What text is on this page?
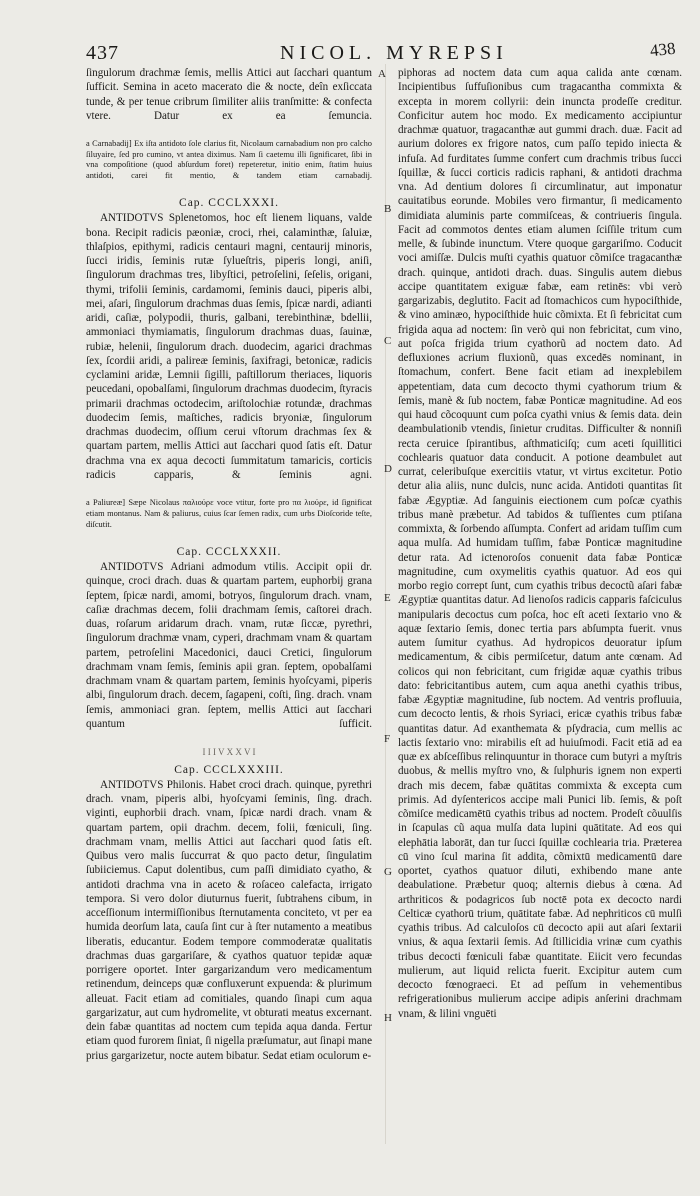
437	NICOL. MYREPSI	438
A
B
C
D
E
F
G
H

ſingulorum drachmæ ſemis, mellis Attici aut ſacchari quantum ſufficit. Semina in aceto macerato die & nocte, deîn exſiccata tunde, & per tenue cribrum ſimiliter aliis tranſmitte: & confecta vtere. Datur ex ea ſemuncia.

a Carnabadij] Ex iſta antidoto ſole clarius fit, Nicolaum carnabadium non pro calcho ſiluyaire, ſed pro cumino, vt antea diximus. Nam ſi caetemu illi ſignificaret, ſibi in vna compoſitione (quod abſurdum foret) repeteretur, initio enim, ſtatim huius antidoti, carei fit mentio, & tandem etiam carnabadij.

Cap. CCCLXXXI.

ANTIDOTVS Splenetomos, hoc eſt lienem liquans, valde bona. Recipit radicis pæoniæ, croci, rhei, calaminthæ, ſaluiæ, thlaſpios, epithymi, radicis centauri magni, centaurij minoris, ſucci iridis, ſeminis rutæ ſylueſtris, piperis longi, aniſi, ſingulorum drachmas tres, libyſtici, petroſelini, ſeſelis, origani, thymi, trifolii ſeminis, cardamomi, ſeminis dauci, piperis albi, mei, aſari, ſingulorum drachmas duas ſemis, ſpicæ nardi, adianti aridi, caſiæ, polypodii, thuris, galbani, terebinthinæ, bdellii, ammoniaci thymiamatis, ſingulorum drachmas duas, ſauinæ, rubiæ, helenii, ſingulorum drach. duodecim, agarici drachmas ſex, ſcordii aridi, a palireæ ſeminis, ſaxifragi, betonicæ, radicis cyclamini aridæ, Lemnii ſigilli, paſtillorum theriaces, liquoris peucedani, opobalſami, ſingulorum drachmas duodecim, ſtyracis primarii drachmas octodecim, ariſtolochiæ rotundæ, drachmas duodecim ſemis, maſtiches, radicis bryoniæ, ſingulorum drachmas duodecim, oſſium cerui vſtorum drachmas ſex & quartam partem, mellis Attici aut ſacchari quod ſatis eſt. Datur drachma vna ex aqua decocti ſummitatum tamaricis, corticis radicis capparis, & ſeminis agni.

a Paliureæ] Sæpe Nicolaus παλιούρε voce vtitur, forte pro πα λιούρε, id ſignificat etiam montanus. Nam & paliurus, cuius ſcar ſemen radix, cum urbs Dioſcoride teſte, diſcutit.

Cap. CCCLXXXII.

ANTIDOTVS Adriani admodum vtilis. Accipit opii dr. quinque, croci drach. duas & quartam partem, euphorbij grana ſeptem, ſpicæ nardi, amomi, botryos, ſingulorum drach. vnam, caſiæ drachmas decem, folii drachmam ſemis, caſtorei drach. duas, roſarum aridarum drach. vnam, rutæ ſiccæ, pyrethri, ſingulorum drachmæ vnam, cyperi, drachmam vnam & quartam partem, petroſelini Macedonici, dauci Cretici, ſingulorum drachmam vnam ſemis, ſeminis apii gran. ſeptem, opobalſami drachmam vnam & quartam partem, ſeminis hyoſcyami, piperis albi, ſingulorum drach. decem, ſagapeni, coſti, ſing. drach. vnam ſemis, ammoniaci gran. ſeptem, mellis Attici aut ſacchari quantum ſufficit.

I I I V X X V I

Cap. CCCLXXXIII.

ANTIDOTVS Philonis. Habet croci drach. quinque, pyrethri drach. vnam, piperis albi, hyoſcyami ſeminis, ſing. drach. viginti, euphorbii drach. vnam, ſpicæ nardi drach. vnam & quartam partem, opii drachm. decem, folii, fœniculi, ſing. drachmam vnam, mellis Attici aut ſacchari quod ſatis eſt. Quibus vero malis ſuccurrat & quo pacto detur, ſingulatim ſubiiciemus. Caput dolentibus, cum paſſi dimidiato cyatho, & antidoti drachma vna in aceto & roſaceo calefacta, irrigato tempora. Si vero dolor diuturnus fuerit, ſubtrahens cibum, in acceſſionum intermiſſionibus ſternutamenta conciteto, vt per ea humida deorſum lata, cauſa ſint cur à ſter nutamento a meatibus liberatis, educantur. Eodem tempore commoderatæ qualitatis drachmas duas gargariſare, & cyathos quatuor tepidæ aquæ porrigere oportet. Inter gargarizandum vero medicamentum retinendum, deinceps quæ confluxerunt expuenda: & plurimum alleuat. Facit etiam ad comitiales, quando ſinapi cum aqua gargarizatur, aut cum hydromelite, vt obturati meatus excernant. dein fabæ quantitas ad noctem cum tepida aqua danda. Fertur etiam quod furorem ſiniat, ſi nigella præſumatur, aut ſinapi mane prius gargarizetur, nocte autem bibatur. Sedat etiam oculorum e-

piphoras ad noctem data cum aqua calida ante cœnam. Incipientibus ſuffuſionibus cum tragacantha commixta & excepta in morem collyrii: dein inuncta prodeſſe creditur. Conficitur autem hoc modo. Ex medicamento accipiuntur drachmæ quatuor, tragacanthæ aut gummi drach. duæ. Facit ad aurium dolores ex frigore natos, cum paſſo tepido iniecta & infuſa. Ad furditates ſumme confert cum drachmis tribus ſucci ſquillæ, & ſucci corticis radicis raphani, & antidoti drachma vna. Ad dentium dolores ſi circumlinatur, aut imponatur cauitatibus eorunde. Mobiles vero firmantur, ſi medicamento dimidiata aluminis parte commiſceas, & contriueris ſingula. Facit ad commotos dentes etiam alumen ſciſſile tritum cum melle, & ſubinde inunctum. Vtere quoque gargariſmo. Coducit voci amiſſæ. Dulcis muſti cyathis quatuor cõmiſce tragacanthæ drach. quinque, antidoti drach. duas. Singulis autem diebus accipe quantitatem exiguæ fabæ, eam retinēs: vbi verò gargarizabis, deglutito. Facit ad ſtomachicos cum hypociſthide, & vino aminæo, hypociſthide huic cõmixta. Et ſi febricitat cum frigida aqua ad noctem: ſin verò qui non febricitat, cum vino, aut poſca frigida trium cyathorũ ad noctem dato. Ad defluxiones acrium fluxionũ, quas excedēs nominant, in ſtomachum, confert. Bene facit etiam ad inexplebilem appetentiam, data cum decocto thymi cyathorum trium & ſemis, manè & ſub noctem, fabæ Ponticæ magnitudine. Ad eos qui haud cõcoquunt cum poſca cyathi vnius & ſemis data. dein deambulationib vtendis, ſinietur cruditas. Difficulter & nonniſi recta ceruice ſpirantibus, aſthmaticiſq; cum aceti ſquillitici cochlearis quatuor data conducit. A potione deambulet aut currat, celeribuſque exercitiis vtatur, vt virtus excitetur. Potio detur alia aliis, nunc dulcis, nunc acida. Antidoti quantitas ſit fabæ Ægyptiæ. Ad ſanguinis eiectionem cum poſcæ cyathis tribus manè præbetur. Ad tabidos & tuſſientes cum ptiſana commixta, & ſorbendo aſſumpta. Confert ad aridam tuſſim cum aqua mulſa. Ad humidam tuſſim, fabæ Ponticæ magnitudine detur rata. Ad ictenoroſos conuenit data fabæ Ponticæ magnitudine, cum oxymelitis cyathis quatuor. Ad eos qui morbo regio corrept ſunt, cum cyathis tribus decoctũ aſari fabæ Ægyptiæ quantitas datur. Ad lienoſos radicis capparis faſciculus manipularis decoctus cum poſca, hoc eſt aceti ſextario vno & aquæ ſextario ſemis, donec tertia pars abſumpta fuerit. vnus autem ſumitur cyathus. Ad hydropicos deuoratur ipſum medicamentum, & cibis permiſcetur, datum ante cœnam. Ad colicos qui non febricitant, cum frigidæ aquæ cyathis tribus dato: febricitantibus autem, cum aqua anethi cyathis tribus, fabæ Ægyptiæ magnitudine, ſub noctem. Ad ventris profluuia, cum decocto lentis, & rhois Syriaci, ericæ cyathis tribus fabæ quantitas datur. Ad exanthemata & pſydracia, cum mellis ac lactis ſextario vno: mirabilis eſt ad huiuſmodi. Facit etiā ad ea quæ ex abſceſſibus relinquuntur in thorace cum butyri a myſtris duobus, & mellis myſtro vno, & ſulphuris ignem non experti drach mis decem, fabæ quātitas commixta & excepta cum primis. Ad dyſentericos accipe mali Punici lib. ſemis, & poſt cõmiſce medicamētū cyathis tribus ad noctem. Prodeſt cõuulſis in ſcapulas cũ aqua mulſa data lupini quātitate. Ad eos qui elephātia laborāt, dan tur ſucci ſquillæ cochlearia tria. Præterea cū vino ſcul marina ſit addita, cõmixtū medicamentū dare oportet, cyathos quatuor diluti, exhibendo mane ante deabulatione. Præbetur quoq; alternis diebus à cœna. Ad arthriticos & podagricos ſub noctē pota ex decocto nardi Celticæ cyathorū trium, quātitate fabæ. Ad nephriticos cū mulſi cyathis tribus. Ad calculoſos cū decocto apii aut aſari ſextarii vnius, & aqua ſextarii ſemis. Ad ſtillicidia vrinæ cum cyathis tribus decocti fœniculi fabæ quantitate. Eiicit vero fecundas mulierum, aut liquid relicta fuerit. Excipitur autem cum decocto fœnograeci. Et ad peſſum in vehementibus refrigerationibus mulierum accipe adipis anſerini drachmam vnam, & lilini vnguēti
